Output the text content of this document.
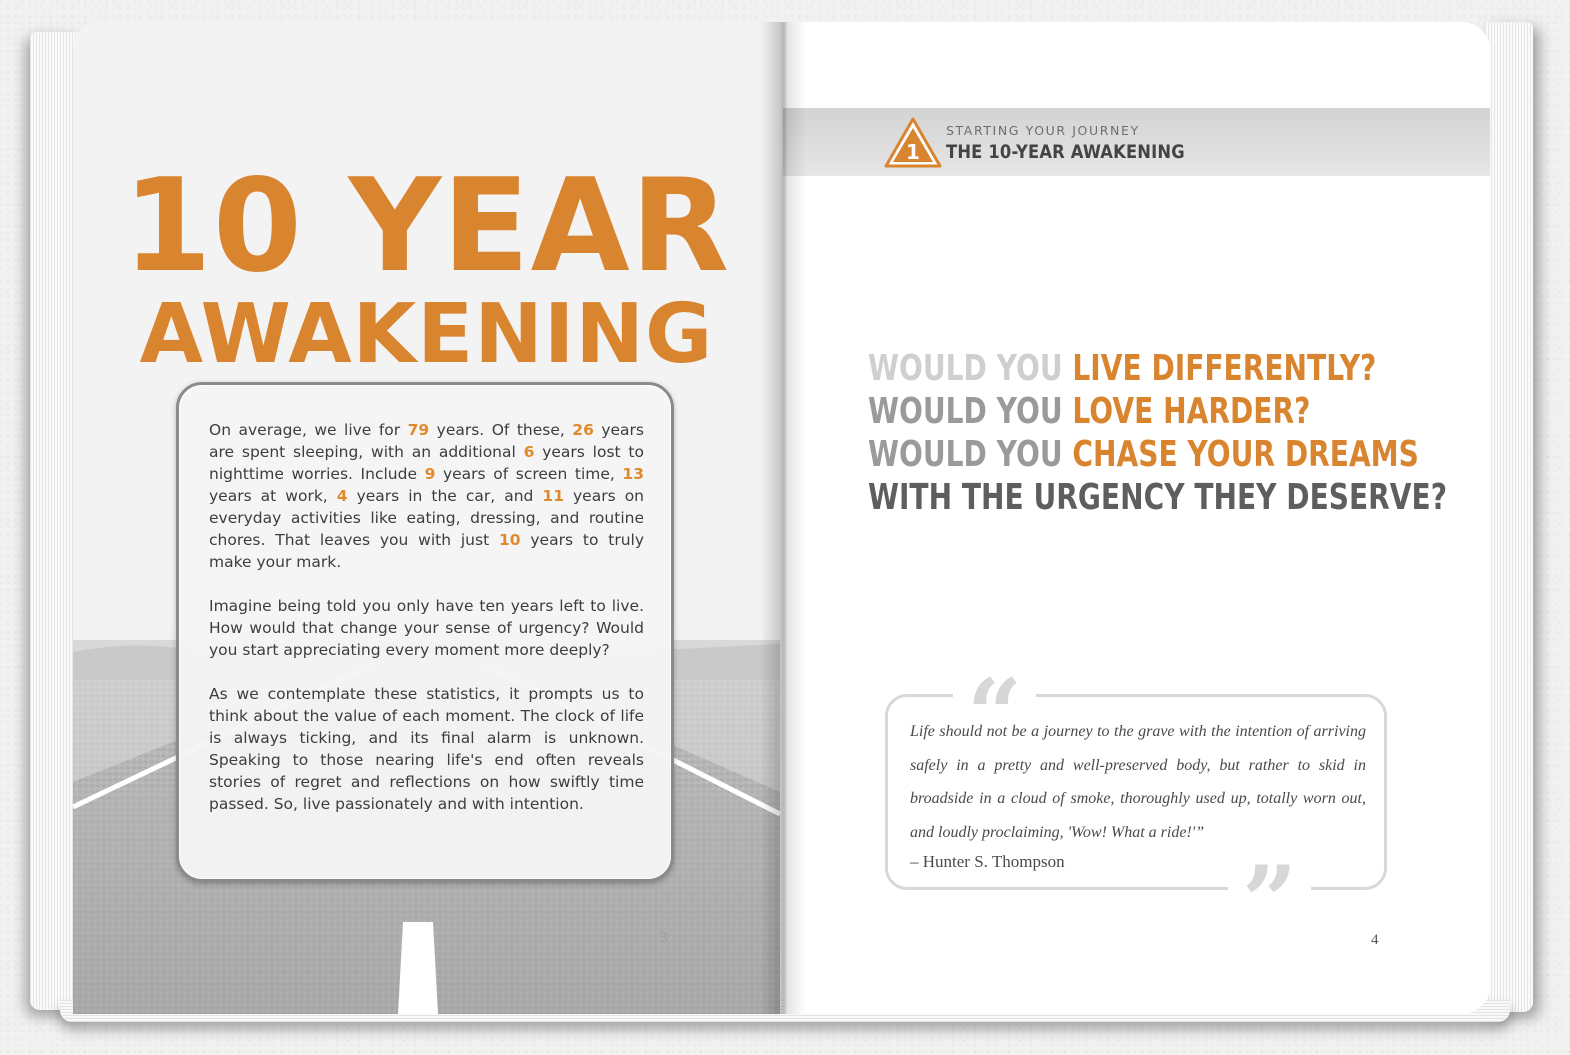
10 YEAR
AWAKENING

On average, we live for 79 years. Of these, 26 years are spent sleeping, with an additional 6 years lost to nighttime worries. Include 9 years of screen time, 13 years at work, 4 years in the car, and 11 years on everyday activities like eating, dressing, and routine chores. That leaves you with just 10 years to truly make your mark.

Imagine being told you only have ten years left to live. How would that change your sense of urgency? Would you start appreciating every moment more deeply?

As we contemplate these statistics, it prompts us to think about the value of each moment. The clock of life is always ticking, and its final alarm is unknown. Speaking to those nearing life's end often reveals stories of regret and reflections on how swiftly time passed. So, live passionately and with intention.

3
1
STARTING YOUR JOURNEY
THE 10-YEAR AWAKENING
WOULD YOU LIVE DIFFERENTLY?
WOULD YOU LOVE HARDER?
WOULD YOU CHASE YOUR DREAMS
WITH THE URGENCY THEY DESERVE?
“
Life should not be a journey to the grave with the intention of arriving safely in a pretty and well-preserved body, but rather to skid in broadside in a cloud of smoke, thoroughly used up, totally worn out, and loudly proclaiming, 'Wow! What a ride!'”
– Hunter S. Thompson ”	4
